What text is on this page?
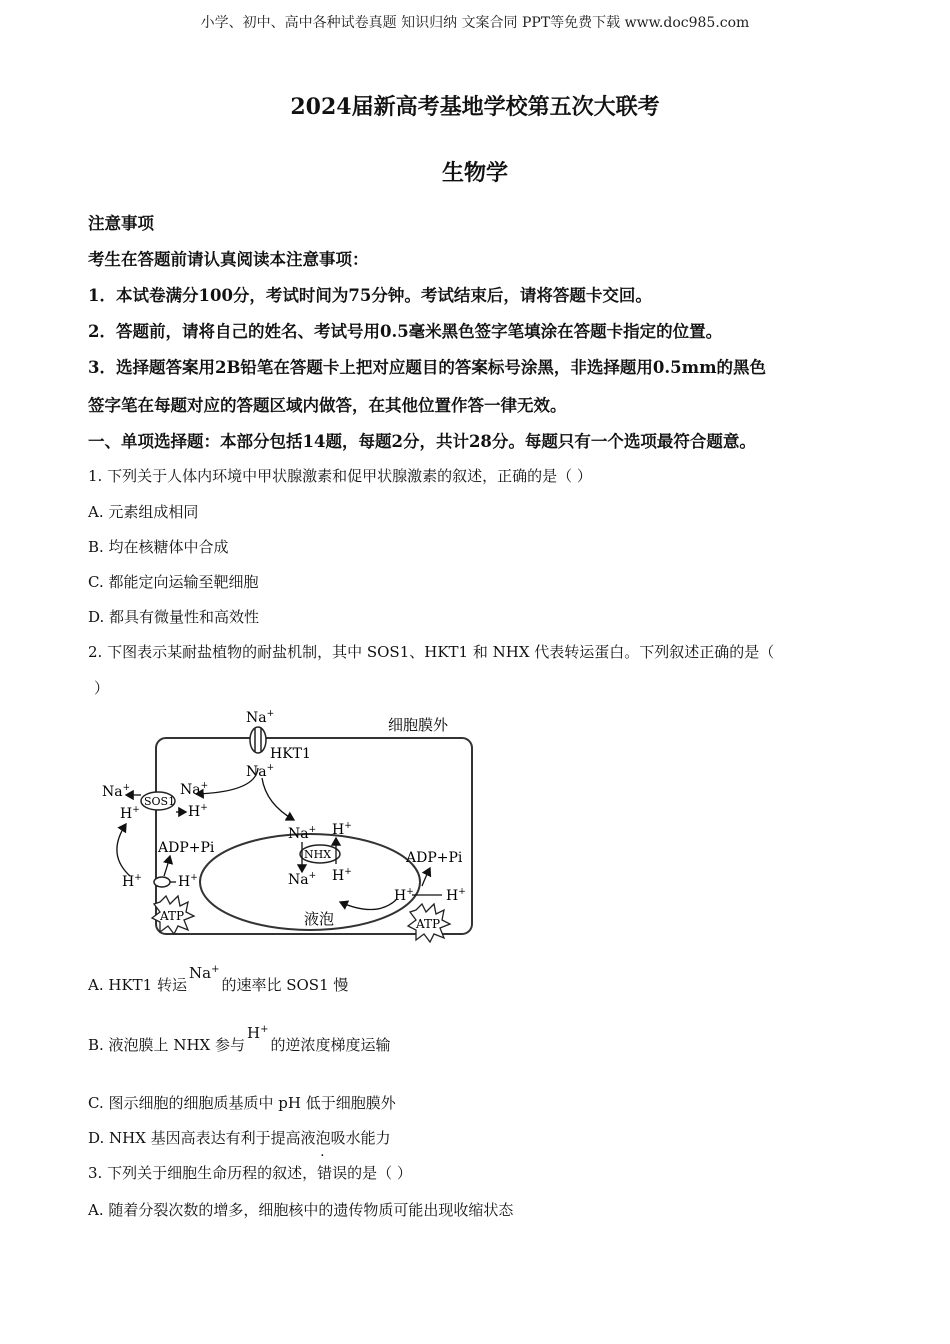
小学、初中、高中各种试卷真题 知识归纳 文案合同 PPT等免费下载 www.doc985.com
2024届新高考基地学校第五次大联考
生物学
注意事项
考生在答题前请认真阅读本注意事项：
1．本试卷满分100分，考试时间为75分钟。考试结束后，请将答题卡交回。
2．答题前，请将自己的姓名、考试号用0.5毫米黑色签字笔填涂在答题卡指定的位置。
3．选择题答案用2B铅笔在答题卡上把对应题目的答案标号涂黑，非选择题用0.5mm的黑色
签字笔在每题对应的答题区域内做答，在其他位置作答一律无效。
一、单项选择题：本部分包括14题，每题2分，共计28分。每题只有一个选项最符合题意。
1. 下列关于人体内环境中甲状腺激素和促甲状腺激素的叙述，正确的是（ ）
A. 元素组成相同
B. 均在核糖体中合成
C. 都能定向运输至靶细胞
D. 都具有微量性和高效性
2. 下图表示某耐盐植物的耐盐机制，其中 SOS1、HKT1 和 NHX 代表转运蛋白。下列叙述正确的是（
）
细胞膜外
HKT1
Na+
Na+
SOS1
Na+	Na+
H+	H+
H+	H+
ADP+Pi
ATP
NHX
Na+
Na+
H+
H+
液泡
ADP+Pi
H+ H+
ATP
A. HKT1 转运Na+的速率比 SOS1 慢
B. 液泡膜上 NHX 参与H+的逆浓度梯度运输
C. 图示细胞的细胞质基质中 pH 低于细胞膜外
D. NHX 基因高表达有利于提高液泡吸水能力
3. 下列关于细胞生命历程的叙述，错误的是（ ）
A. 随着分裂次数的增多，细胞核中的遗传物质可能出现收缩状态
